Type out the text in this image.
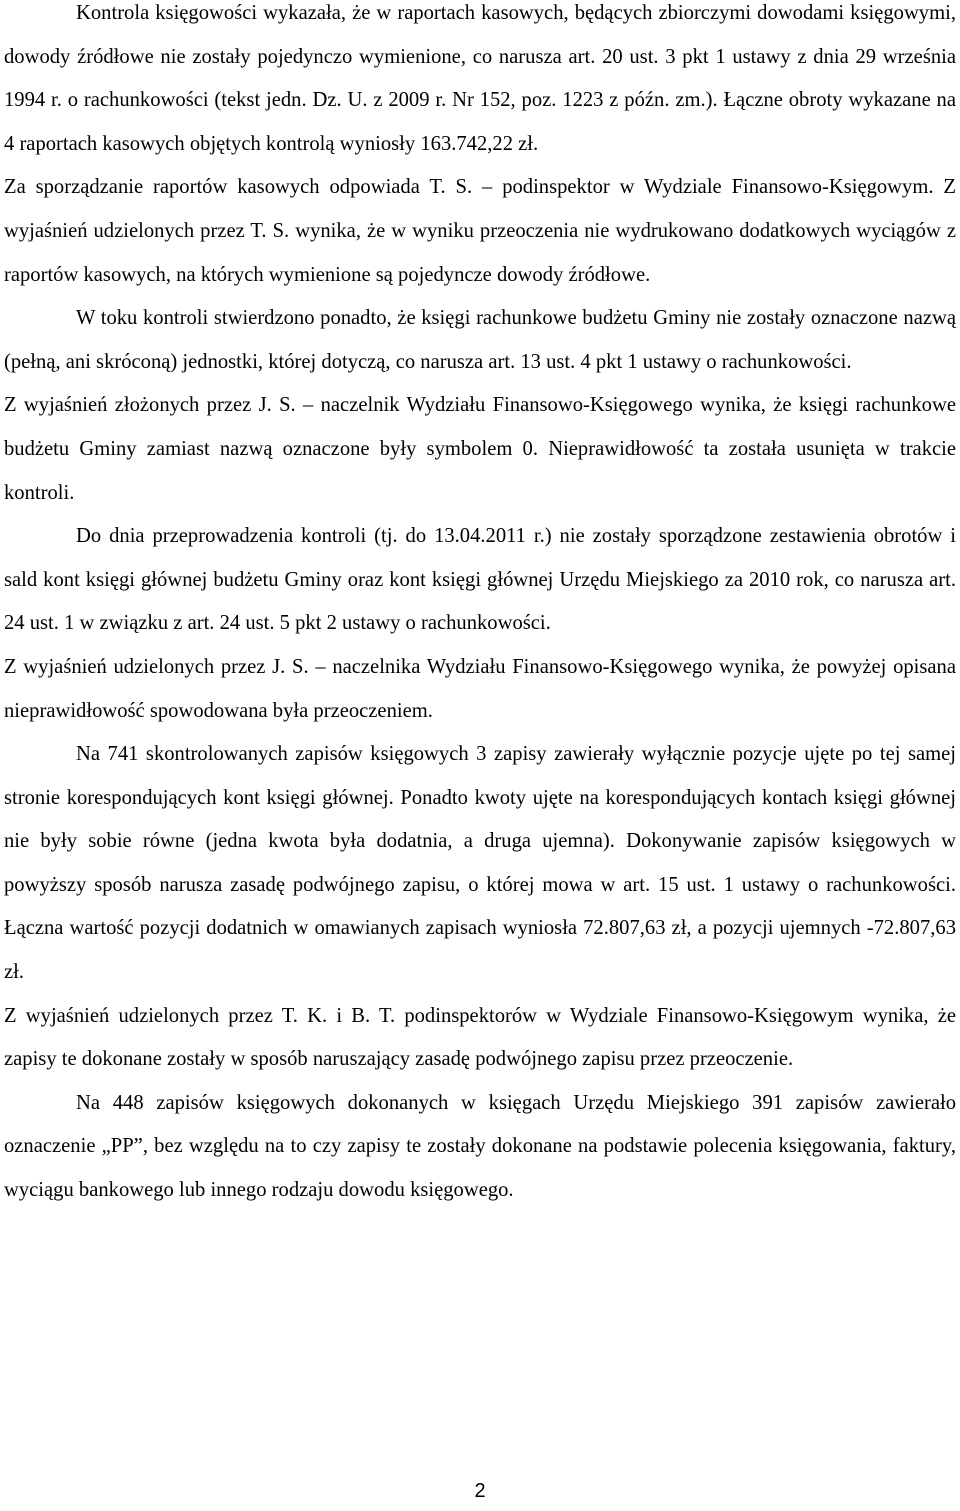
Kontrola księgowości wykazała, że w raportach kasowych, będących zbiorczymi dowodami księgowymi, dowody źródłowe nie zostały pojedynczo wymienione, co narusza art. 20 ust. 3 pkt 1 ustawy z dnia 29 września 1994 r. o rachunkowości (tekst jedn. Dz. U. z 2009 r. Nr 152, poz. 1223 z późn. zm.). Łączne obroty wykazane na 4 raportach kasowych objętych kontrolą wyniosły 163.742,22 zł.

Za sporządzanie raportów kasowych odpowiada T. S. – podinspektor w Wydziale Finansowo-Księgowym. Z wyjaśnień udzielonych przez T. S. wynika, że w wyniku przeoczenia nie wydrukowano dodatkowych wyciągów z raportów kasowych, na których wymienione są pojedyncze dowody źródłowe.

W toku kontroli stwierdzono ponadto, że księgi rachunkowe budżetu Gminy nie zostały oznaczone nazwą (pełną, ani skróconą) jednostki, której dotyczą, co narusza art. 13 ust. 4 pkt 1 ustawy o rachunkowości.

Z wyjaśnień złożonych przez J. S. – naczelnik Wydziału Finansowo-Księgowego wynika, że księgi rachunkowe budżetu Gminy zamiast nazwą oznaczone były symbolem 0. Nieprawidłowość ta została usunięta w trakcie kontroli.

Do dnia przeprowadzenia kontroli (tj. do 13.04.2011 r.) nie zostały sporządzone zestawienia obrotów i sald kont księgi głównej budżetu Gminy oraz kont księgi głównej Urzędu Miejskiego za 2010 rok, co narusza art. 24 ust. 1 w związku z art. 24 ust. 5 pkt 2 ustawy o rachunkowości.

Z wyjaśnień udzielonych przez J. S. – naczelnika Wydziału Finansowo-Księgowego wynika, że powyżej opisana nieprawidłowość spowodowana była przeoczeniem.

Na 741 skontrolowanych zapisów księgowych 3 zapisy zawierały wyłącznie pozycje ujęte po tej samej stronie korespondujących kont księgi głównej. Ponadto kwoty ujęte na korespondujących kontach księgi głównej nie były sobie równe (jedna kwota była dodatnia, a druga ujemna). Dokonywanie zapisów księgowych w powyższy sposób narusza zasadę podwójnego zapisu, o której mowa w art. 15 ust. 1 ustawy o rachunkowości. Łączna wartość pozycji dodatnich w omawianych zapisach wyniosła 72.807,63 zł, a pozycji ujemnych -72.807,63 zł.

Z wyjaśnień udzielonych przez T. K. i B. T. podinspektorów w Wydziale Finansowo-Księgowym wynika, że zapisy te dokonane zostały w sposób naruszający zasadę podwójnego zapisu przez przeoczenie.

Na 448 zapisów księgowych dokonanych w księgach Urzędu Miejskiego 391 zapisów zawierało oznaczenie „PP”, bez względu na to czy zapisy te zostały dokonane na podstawie polecenia księgowania, faktury, wyciągu bankowego lub innego rodzaju dowodu księgowego.

2
